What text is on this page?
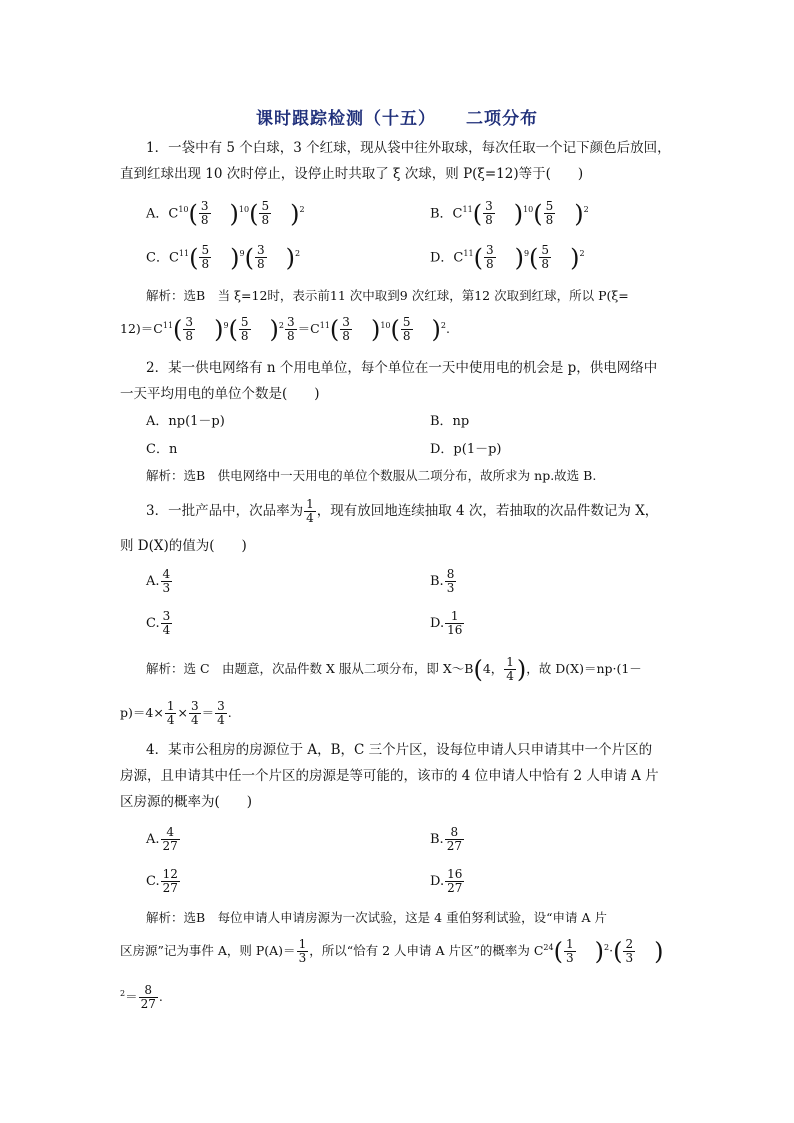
课时跟踪检测（十五） 二项分布
1．一袋中有 5 个白球，3 个红球，现从袋中往外取球，每次任取一个记下颜色后放回，
直到红球出现 10 次时停止，设停止时共取了 ξ 次球，则 P(ξ=12)等于(　　)
A．$C^{10}( \frac{3}{8} )^{10}( \frac{5}{8} )^2$	B．$C^{11}( \frac{3}{8} )^{10}( \frac{5}{8} )^2$
C．$C^{11}( \frac{5}{8} )^9( \frac{3}{8} )^2$	D．$C^{11}( \frac{3}{8} )^9( \frac{5}{8} )^2$
解析：选B　当 ξ=12时，表示前11 次中取到9 次红球，第12 次取到红球，所以 P(ξ=
$12)=C^{11}( \frac{3}{8} )^9( \frac{5}{8} )^2 \frac{3}{8} =C^{11}( \frac{3}{8} )^{10}( \frac{5}{8} )^2$.
2．某一供电网络有 n 个用电单位，每个单位在一天中使用电的机会是 p，供电网络中
一天平均用电的单位个数是(　　)
A．np(1－p)	B．np
C．n	D．p(1－p)
解析：选B　供电网络中一天用电的单位个数服从二项分布，故所求为 np.故选 B.
3．一批产品中，次品率为 $\frac{1}{4}$ ，现有放回地连续抽取 4 次，若抽取的次品件数记为 X，
则 D(X)的值为(　　)
A. $\frac{4}{3}$	B. $\frac{8}{3}$
C. $\frac{3}{4}$	D. $\frac{1}{16}$
解析：选 C　由题意，次品件数 X 服从二项分布，即 X～B(4， $\frac{1}{4}$ )，故 D(X)＝np·(1－
$p)=4\times \frac{1}{4} \times \frac{3}{4} = \frac{3}{4}$ .
4．某市公租房的房源位于 A，B，C 三个片区，设每位申请人只申请其中一个片区的
房源，且申请其中任一个片区的房源是等可能的，该市的 4 位申请人中恰有 2 人申请 A 片
区房源的概率为(　　)
A. $\frac{4}{27}$	B. $\frac{8}{27}$
C. $\frac{12}{27}$	D. $\frac{16}{27}$
解析：选B　每位申请人申请房源为一次试验，这是 4 重伯努利试验，设“申请 A 片
区房源”记为事件 A，则 $P(A)= \frac{1}{3}$ ，所以“恰有 2 人申请 A 片区”的概率为 $C^{24}( \frac{1}{3} )^2\cdot( \frac{2}{3}$ )
$^2= \frac{8}{27}$ .
